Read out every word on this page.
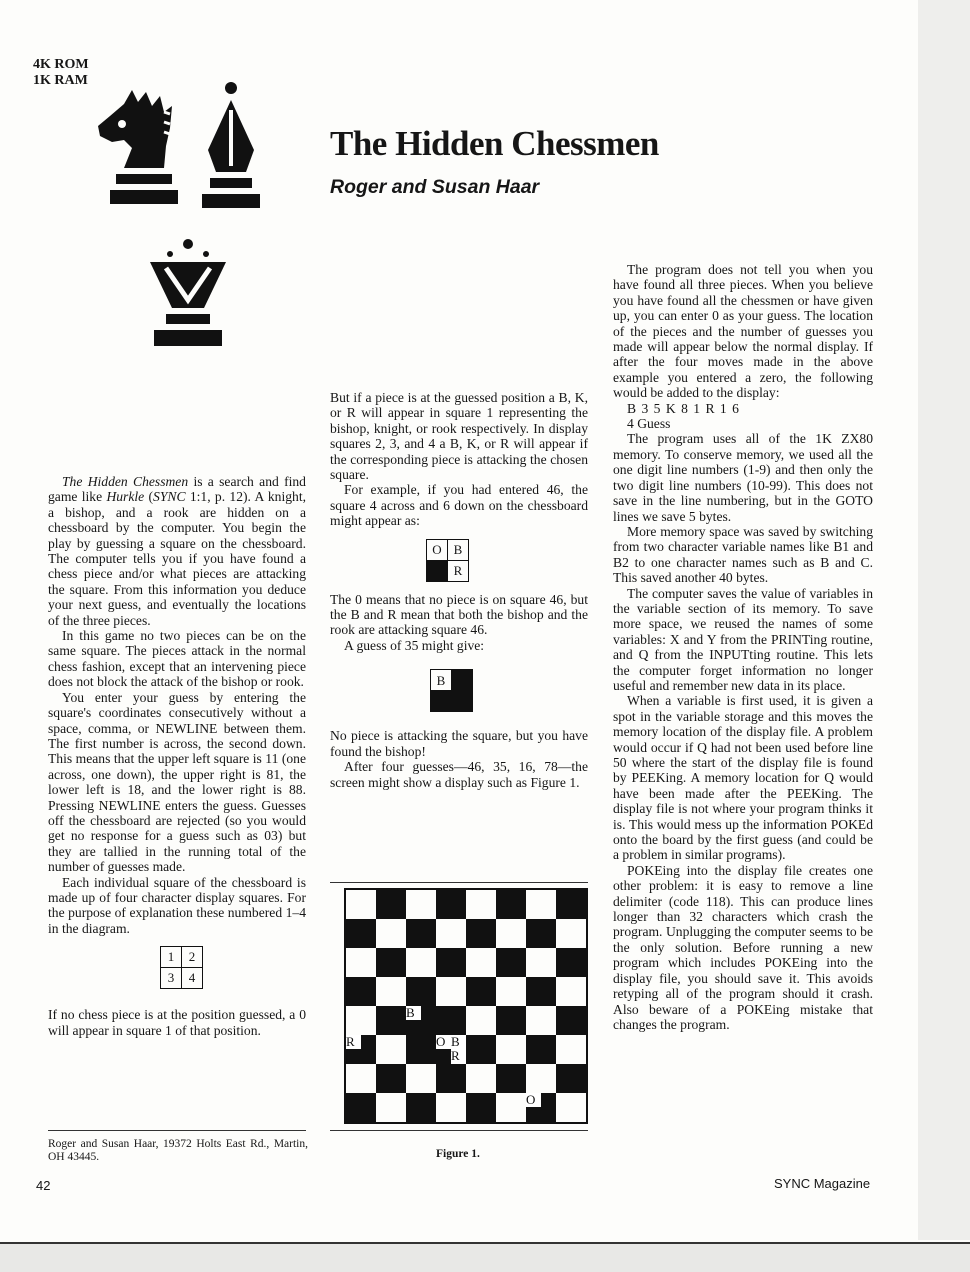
4K ROM
1K RAM
The Hidden Chessmen
Roger and Susan Haar

The Hidden Chessmen is a search and find game like Hurkle (SYNC 1:1, p. 12). A knight, a bishop, and a rook are hidden on a chessboard by the computer. You begin the play by guessing a square on the chessboard. The computer tells you if you have found a chess piece and/or what pieces are attacking the square. From this information you deduce your next guess, and eventually the locations of the three pieces.

In this game no two pieces can be on the same square. The pieces attack in the normal chess fashion, except that an intervening piece does not block the attack of the bishop or rook.

You enter your guess by entering the square's coordinates consecutively without a space, comma, or NEWLINE between them. The first number is across, the second down. This means that the upper left square is 11 (one across, one down), the upper right is 81, the lower left is 18, and the lower right is 88. Pressing NEWLINE enters the guess. Guesses off the chessboard are rejected (so you would get no response for a guess such as 03) but they are tallied in the running total of the number of guesses made.

Each individual square of the chessboard is made up of four character display squares. For the purpose of explanation these numbered 1–4 in the diagram.

1	2
3	4

If no chess piece is at the position guessed, a 0 will appear in square 1 of that position.

Roger and Susan Haar, 19372 Holts East Rd., Martin, OH 43445.

But if a piece is at the guessed position a B, K, or R will appear in square 1 representing the bishop, knight, or rook respectively. In display squares 2, 3, and 4 a B, K, or R will appear if the corresponding piece is attacking the chosen square.

For example, if you had entered 46, the square 4 across and 6 down on the chessboard might appear as:

O	B
	R

The 0 means that no piece is on square 46, but the B and R mean that both the bishop and the rook are attacking square 46.

A guess of 35 might give:

B	

No piece is attacking the square, but you have found the bishop!

After four guesses—46, 35, 16, 78—the screen might show a display such as Figure 1.

B
R	O B
R
O
Figure 1.

The program does not tell you when you have found all three pieces. When you believe you have found all the chessmen or have given up, you can enter 0 as your guess. The location of the pieces and the number of guesses you made will appear below the normal display. If after the four moves made in the above example you entered a zero, the following would be added to the display:

B 3 5 K 8 1 R 1 6
4 Guess

The program uses all of the 1K ZX80 memory. To conserve memory, we used all the one digit line numbers (1-9) and then only the two digit line numbers (10-99). This does not save in the line numbering, but in the GOTO lines we save 5 bytes.

More memory space was saved by switching from two character variable names like B1 and B2 to one character names such as B and C. This saved another 40 bytes.

The computer saves the value of variables in the variable section of its memory. To save more space, we reused the names of some variables: X and Y from the PRINTing routine, and Q from the INPUTting routine. This lets the computer forget information no longer useful and remember new data in its place.

When a variable is first used, it is given a spot in the variable storage and this moves the memory location of the display file. A problem would occur if Q had not been used before line 50 where the start of the display file is found by PEEKing. A memory location for Q would have been made after the PEEKing. The display file is not where your program thinks it is. This would mess up the information POKEd onto the board by the first guess (and could be a problem in similar programs).

POKEing into the display file creates one other problem: it is easy to remove a line delimiter (code 118). This can produce lines longer than 32 characters which crash the program. Unplugging the computer seems to be the only solution. Before running a new program which includes POKEing into the display file, you should save it. This avoids retyping all of the program should it crash. Also beware of a POKEing mistake that changes the program.

42	SYNC Magazine
